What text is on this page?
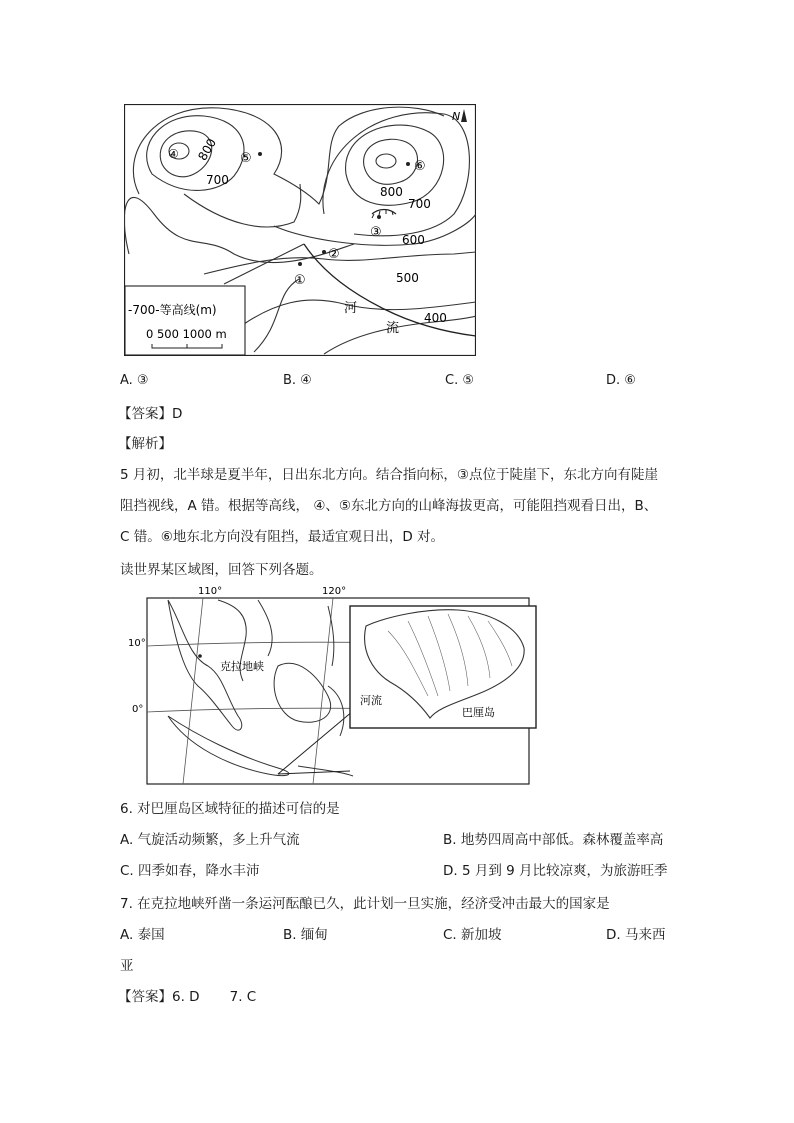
N
④ 800 ⑤
700
⑥
800
700
③ 600
②
①	500
河
流
400
-700-等高线(m)
0 500 1000 m
A. ③	B. ④	C. ⑤	D. ⑥
【答案】D
【解析】
5 月初，北半球是夏半年，日出东北方向。结合指向标，③点位于陡崖下，东北方向有陡崖
阻挡视线，A 错。根据等高线， ④、⑤东北方向的山峰海拔更高，可能阻挡观看日出，B、
C 错。⑥地东北方向没有阻挡，最适宜观日出，D 对。
读世界某区域图，回答下列各题。
110°	120°
10°
0°
克拉地峡
河流
巴厘岛
6. 对巴厘岛区域特征的描述可信的是
A. 气旋活动频繁，多上升气流	B. 地势四周高中部低。森林覆盖率高
C. 四季如春，降水丰沛	D. 5 月到 9 月比较凉爽，为旅游旺季
7. 在克拉地峡歼凿一条运河酝酿已久，此计划一旦实施，经济受冲击最大的国家是
A. 泰国	B. 缅甸	C. 新加坡	D. 马来西
亚
【答案】6. D       7. C
